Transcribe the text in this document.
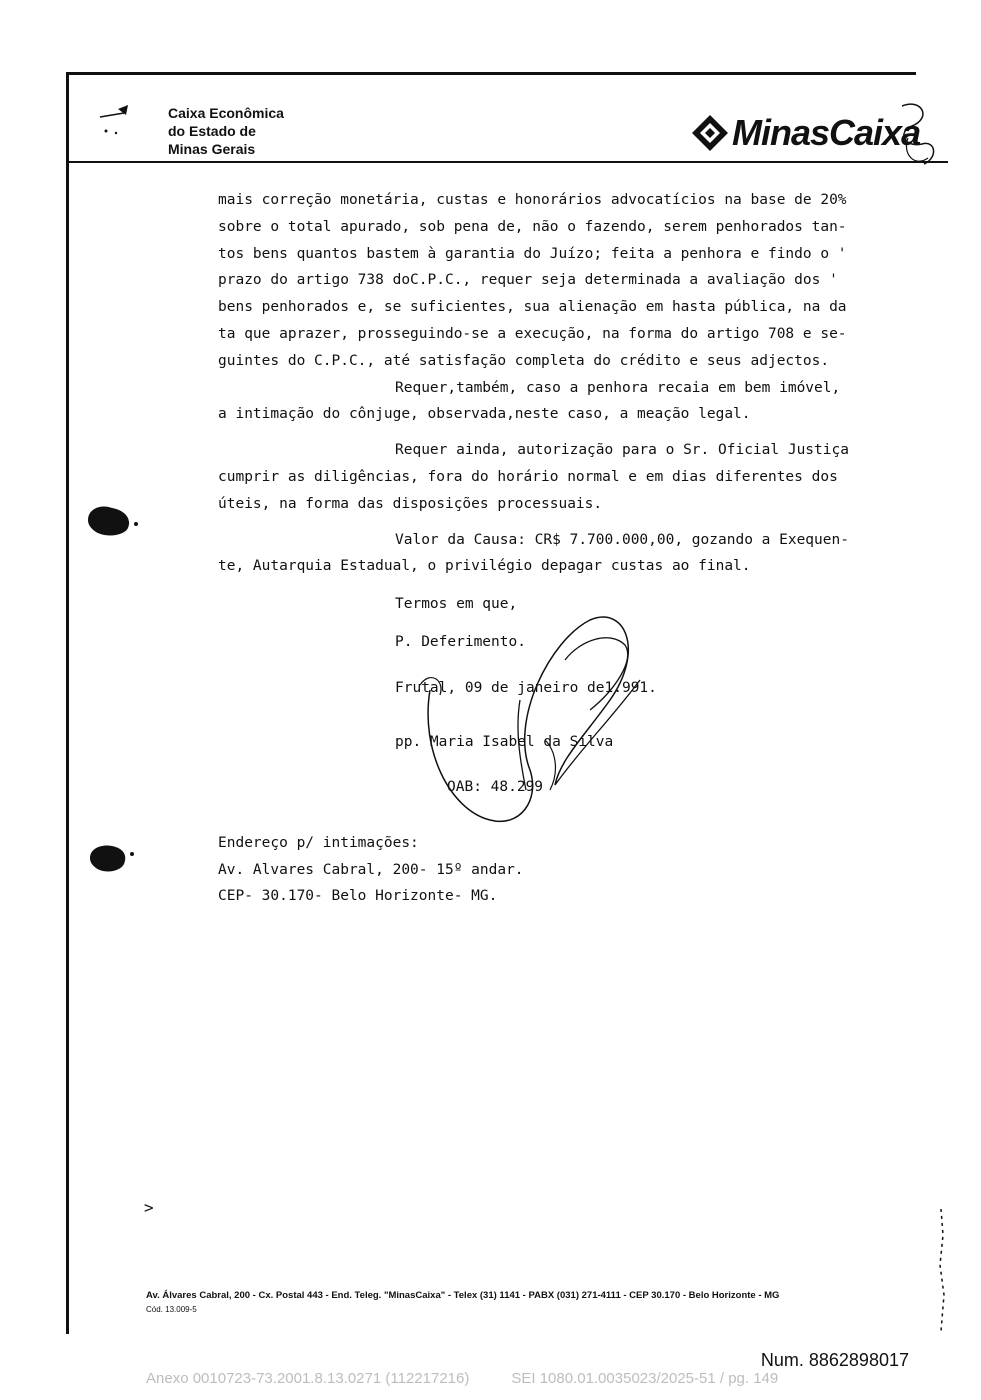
Caixa Econômica
do Estado de
Minas Gerais	MinasCaixa
mais correção monetária, custas e honorários advocatícios na base de 20%
sobre o total apurado, sob pena de, não o fazendo, serem penhorados tan-
tos bens quantos bastem à garantia do Juízo; feita a penhora e findo o '
prazo do artigo 738 doC.P.C., requer seja determinada a avaliação dos '
bens penhorados e, se suficientes, sua alienação em hasta pública, na da
ta que aprazer, prosseguindo-se a execução, na forma do artigo 708 e se-
guintes do C.P.C., até satisfação completa do crédito e seus adjectos.
Requer,também, caso a penhora recaia em bem imóvel,
a intimação do cônjuge, observada,neste caso, a meação legal.
Requer ainda, autorização para o Sr. Oficial Justiça
cumprir as diligências, fora do horário normal e em dias diferentes dos
úteis, na forma das disposições processuais.
Valor da Causa: CR$ 7.700.000,00, gozando a Exequen-
te, Autarquia Estadual, o privilégio depagar custas ao final.
Termos em que,
P. Deferimento.
Frutal, 09 de janeiro de1.991.
pp. Maria Isabel da Silva
OAB: 48.299
Endereço p/ intimações:
Av. Alvares Cabral, 200- 15º andar.
CEP- 30.170- Belo Horizonte- MG.
>
Av. Álvares Cabral, 200 - Cx. Postal 443 - End. Teleg. "MinasCaixa" - Telex (31) 1141 - PABX (031) 271-4111 - CEP 30.170 - Belo Horizonte - MG
Cód. 13.009-5
Num. 8862898017
Anexo 0010723-73.2001.8.13.0271 (112217216)	SEI 1080.01.0035023/2025-51 / pg. 149
